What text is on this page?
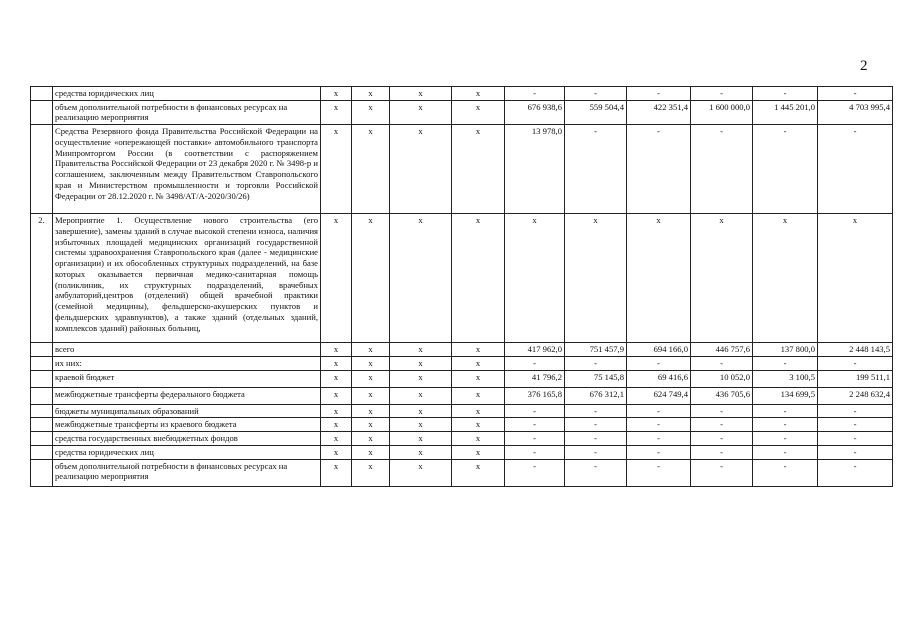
2
	средства юридических лиц	х	х	х	х	-	-	-	-	-	-
	объем дополнительной потребности в финансовых ресурсах на реализацию мероприятия	х	х	х	х	676 938,6	559 504,4	422 351,4	1 600 000,0	1 445 201,0	4 703 995,4
	Средства Резервного фонда Правительства Российской Федерации на осуществление «опережающей поставки» автомобильного транспорта Минпромторгом России (в соответствии с распоряжением Правительства Российской Федерации от 23 декабря 2020 г. № 3498-р и соглашением, заключенным между Правительством Ставропольского края и Министерством промышленности и торговли Российской Федерации от 28.12.2020 г. № 3498/АТ/А-2020/30/26)	х	х	х	х	13 978,0	-	-	-	-	-
2.	Мероприятие 1. Осуществление нового строительства (его завершение), замены зданий в случае высокой степени износа, наличия избыточных площадей медицинских организаций государственной системы здравоохранения Ставропольского края (далее - медицинские организации) и их обособленных структурных подразделений, на базе которых оказывается первичная медико-санитарная помощь (поликлиник, их структурных подразделений, врачебных амбулаторий,центров (отделений) общей врачебной практики (семейной медицины), фельдшерско-акушерских пунктов и фельдшерских здравпунктов), а также зданий (отдельных зданий, комплексов зданий) районных больниц,	х	х	х	х	х	х	х	х	х	х
	всего	х	х	х	х	417 962,0	751 457,9	694 166,0	446 757,6	137 800,0	2 448 143,5
	их них:	х	х	х	х	-	-	-	-	-	-
	краевой бюджет	х	х	х	х	41 796,2	75 145,8	69 416,6	10 052,0	3 100,5	199 511,1
	межбюджетные трансферты федерального бюджета	х	х	х	х	376 165,8	676 312,1	624 749,4	436 705,6	134 699,5	2 248 632,4
	бюджеты муниципальных образований	х	х	х	х	-	-	-	-	-	-
	межбюджетные трансферты из краевого бюджета	х	х	х	х	-	-	-	-	-	-
	средства государственных внебюджетных фондов	х	х	х	х	-	-	-	-	-	-
	средства юридических лиц	х	х	х	х	-	-	-	-	-	-
	объем дополнительной потребности в финансовых ресурсах на реализацию мероприятия	х	х	х	х	-	-	-	-	-	-
